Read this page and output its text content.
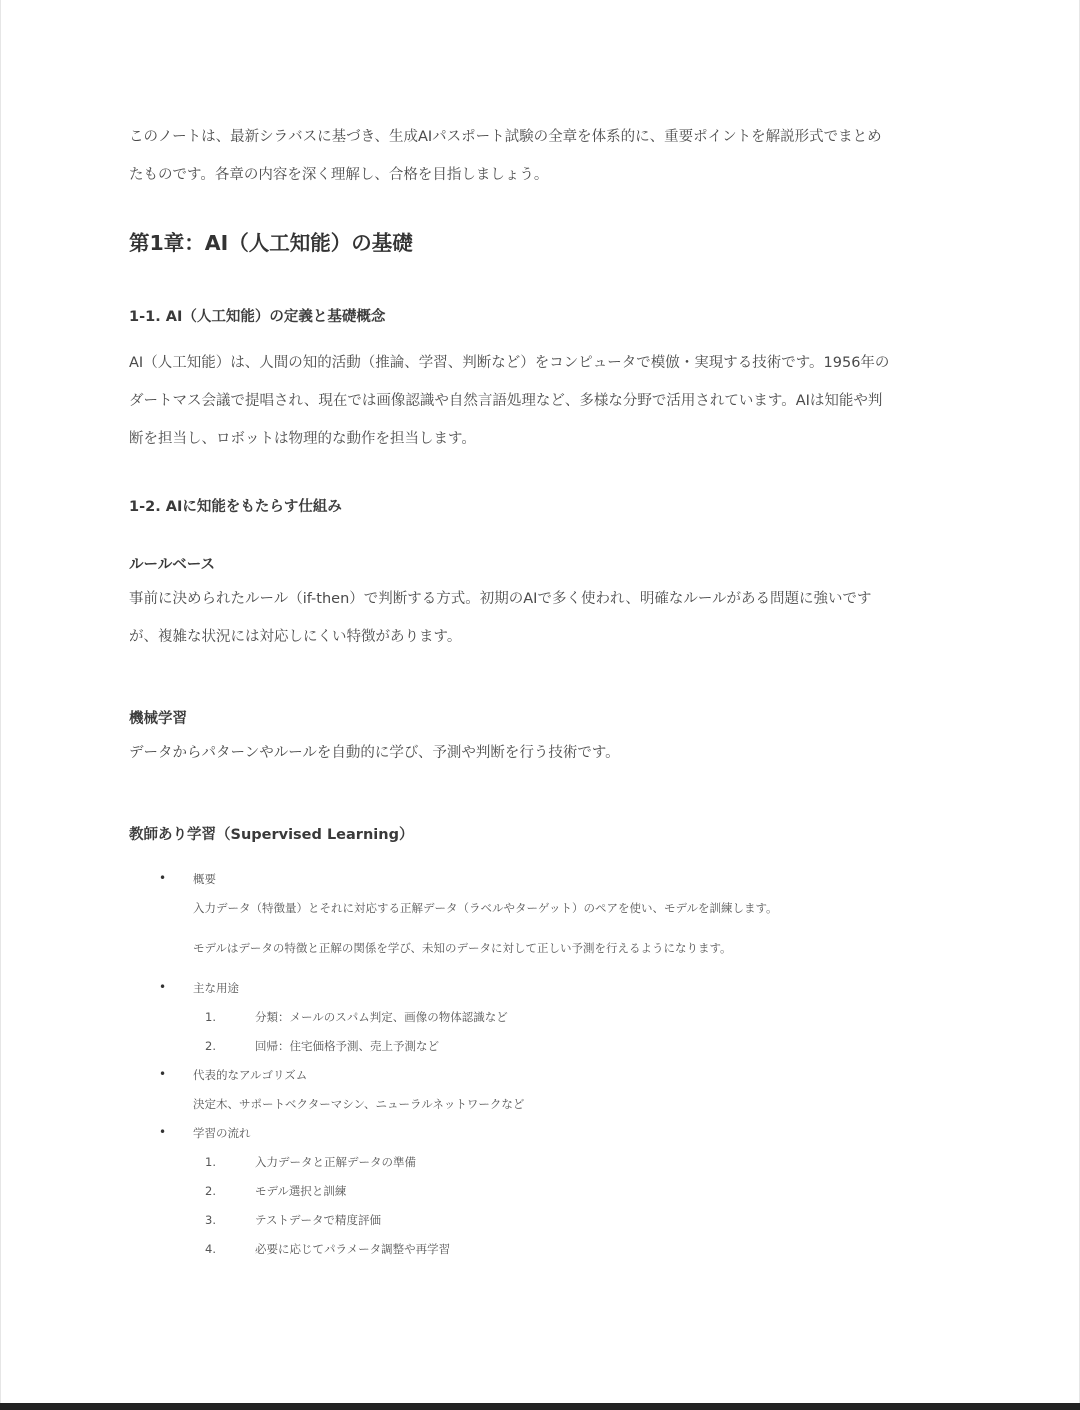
このノートは、最新シラバスに基づき、生成AIパスポート試験の全章を体系的に、重要ポイントを解説形式でまとめ
たものです。各章の内容を深く理解し、合格を目指しましょう。

第1章：AI（人工知能）の基礎
1-1. AI（人工知能）の定義と基礎概念

AI（人工知能）は、人間の知的活動（推論、学習、判断など）をコンピュータで模倣・実現する技術です。1956年の
ダートマス会議で提唱され、現在では画像認識や自然言語処理など、多様な分野で活用されています。AIは知能や判
断を担当し、ロボットは物理的な動作を担当します。

1-2. AIに知能をもたらす仕組み
ルールベース

事前に決められたルール（if-then）で判断する方式。初期のAIで多く使われ、明確なルールがある問題に強いです
が、複雑な状況には対応しにくい特徴があります。

機械学習

データからパターンやルールを自動的に学び、予測や判断を行う技術です。

教師あり学習（Supervised Learning）
• 概要
入力データ（特徴量）とそれに対応する正解データ（ラベルやターゲット）のペアを使い、モデルを訓練します。
モデルはデータの特徴と正解の関係を学び、未知のデータに対して正しい予測を行えるようになります。
• 主な用途
1.	分類：メールのスパム判定、画像の物体認識など
2.	回帰：住宅価格予測、売上予測など
• 代表的なアルゴリズム
決定木、サポートベクターマシン、ニューラルネットワークなど
• 学習の流れ
1.	入力データと正解データの準備
2.	モデル選択と訓練
3.	テストデータで精度評価
4.	必要に応じてパラメータ調整や再学習
